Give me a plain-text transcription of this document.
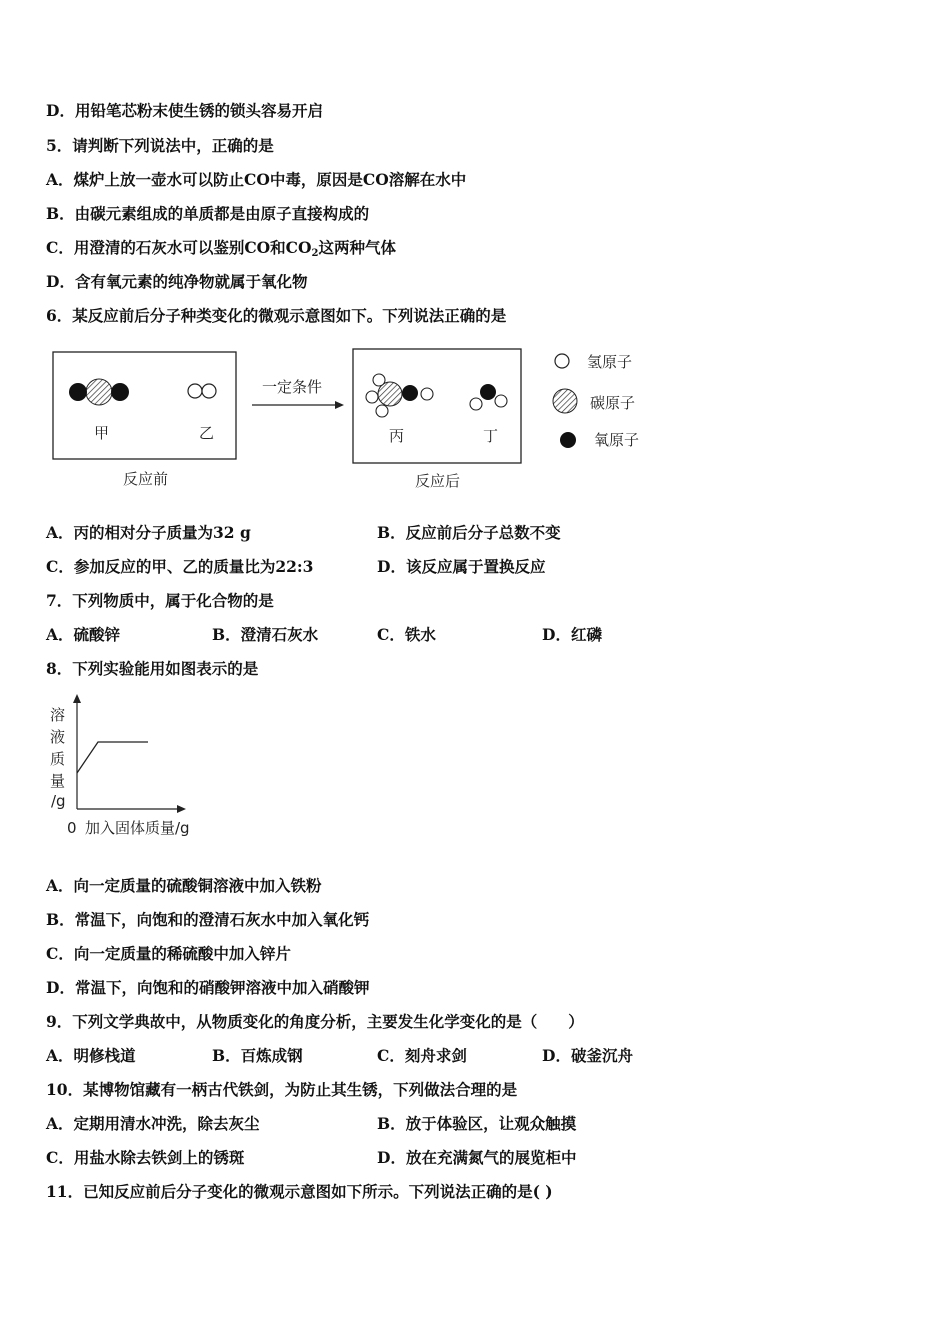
D．用铅笔芯粉末使生锈的锁头容易开启
5．请判断下列说法中，正确的是
A．煤炉上放一壶水可以防止CO中毒，原因是CO溶解在水中
B．由碳元素组成的单质都是由原子直接构成的
C．用澄清的石灰水可以鉴别CO和$CO_2$这两种气体
D．含有氧元素的纯净物就属于氧化物
6．某反应前后分子种类变化的微观示意图如下。下列说法正确的是
甲	乙
反应前
一定条件
丙	丁
反应后
氢原子
碳原子
氧原子
A．丙的相对分子质量为32 g	B．反应前后分子总数不变
C．参加反应的甲、乙的质量比为22:3	D．该反应属于置换反应
7．下列物质中，属于化合物的是
A．硫酸锌	B．澄清石灰水	C．铁水	D．红磷
8．下列实验能用如图表示的是
溶
液
质
量
/g
0 加入固体质量/g
A．向一定质量的硫酸铜溶液中加入铁粉
B．常温下，向饱和的澄清石灰水中加入氧化钙
C．向一定质量的稀硫酸中加入锌片
D．常温下，向饱和的硝酸钾溶液中加入硝酸钾
9．下列文学典故中，从物质变化的角度分析，主要发生化学变化的是（　　）
A．明修栈道	B．百炼成钢	C．刻舟求剑	D．破釜沉舟
10．某博物馆藏有一柄古代铁剑，为防止其生锈，下列做法合理的是
A．定期用清水冲洗，除去灰尘	B．放于体验区，让观众触摸
C．用盐水除去铁剑上的锈斑	D．放在充满氮气的展览柜中
11．已知反应前后分子变化的微观示意图如下所示。下列说法正确的是( )
